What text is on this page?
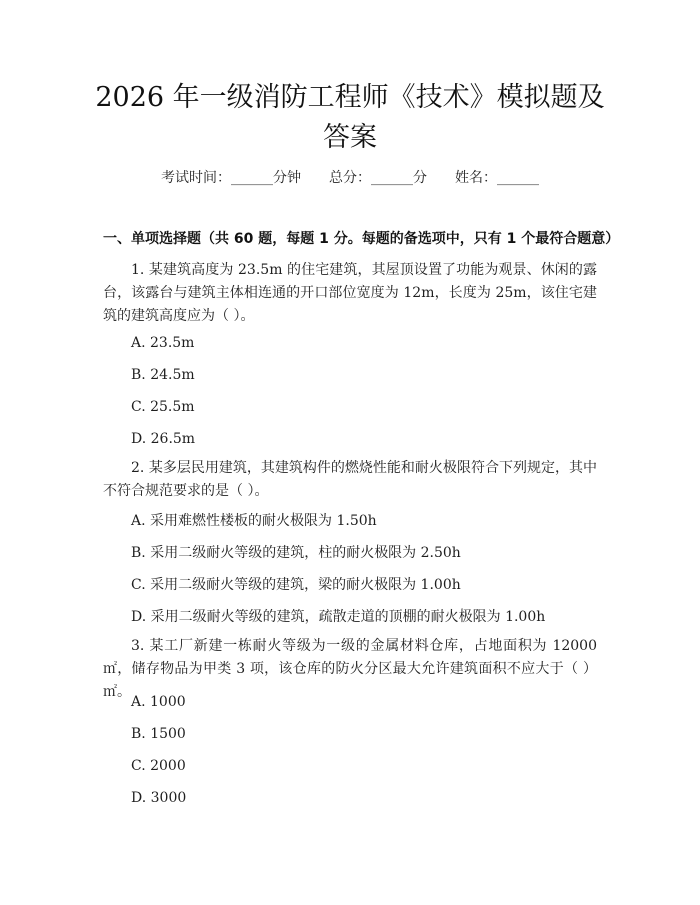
2026 年一级消防工程师《技术》模拟题及答案
考试时间：______分钟 总分：______分 姓名：______
一、单项选择题（共 60 题，每题 1 分。每题的备选项中，只有 1 个最符合题意）
1. 某建筑高度为 23.5m 的住宅建筑，其屋顶设置了功能为观景、休闲的露台，该露台与建筑主体相连通的开口部位宽度为 12m，长度为 25m，该住宅建筑的建筑高度应为（ ）。
A. 23.5m
B. 24.5m
C. 25.5m
D. 26.5m
2. 某多层民用建筑，其建筑构件的燃烧性能和耐火极限符合下列规定，其中不符合规范要求的是（ ）。
A. 采用难燃性楼板的耐火极限为 1.50h
B. 采用二级耐火等级的建筑，柱的耐火极限为 2.50h
C. 采用二级耐火等级的建筑，梁的耐火极限为 1.00h
D. 采用二级耐火等级的建筑，疏散走道的顶棚的耐火极限为 1.00h
3. 某工厂新建一栋耐火等级为一级的金属材料仓库，占地面积为 12000 ㎡，储存物品为甲类 3 项，该仓库的防火分区最大允许建筑面积不应大于（ ）㎡。
A. 1000
B. 1500
C. 2000
D. 3000
